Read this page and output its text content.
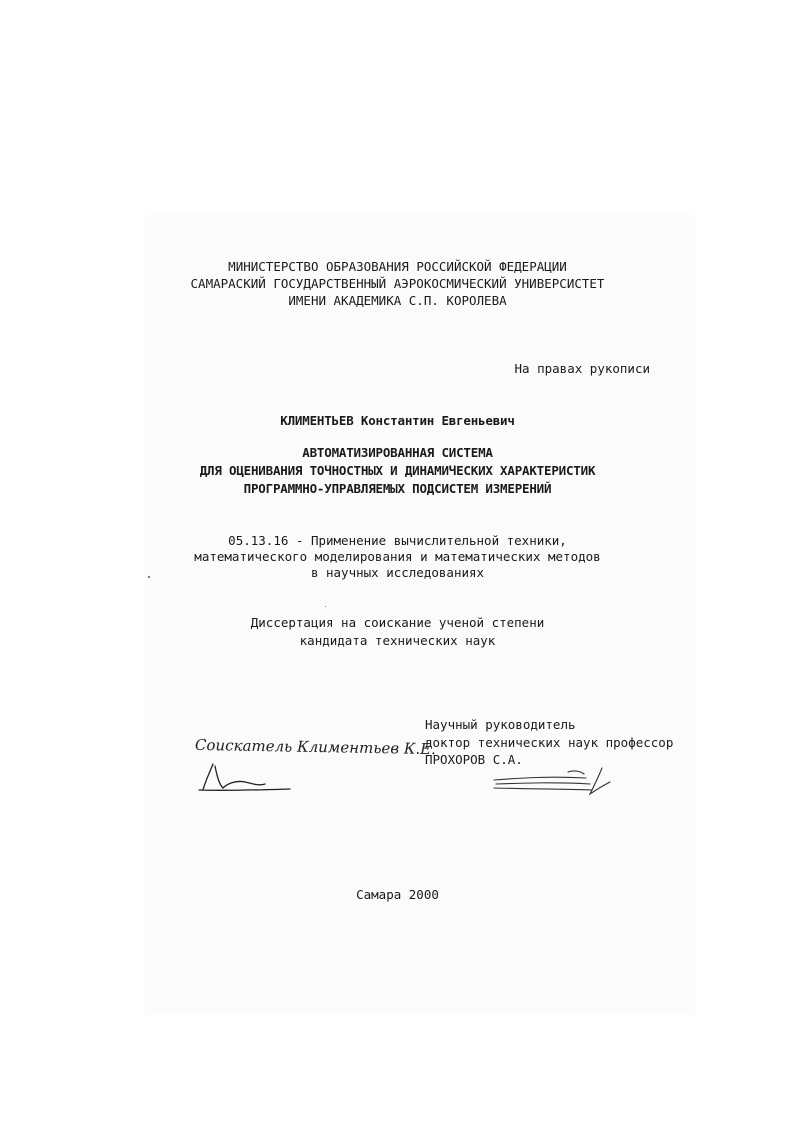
МИНИСТЕРСТВО ОБРАЗОВАНИЯ РОССИЙСКОЙ ФЕДЕРАЦИИ
САМАРАСКИЙ ГОСУДАРСТВЕННЫЙ АЭРОКОСМИЧЕСКИЙ УНИВЕРСИСТЕТ
ИМЕНИ АКАДЕМИКА С.П. КОРОЛЕВА
На правах рукописи
КЛИМЕНТЬЕВ Константин Евгеньевич
АВТОМАТИЗИРОВАННАЯ СИСТЕМА
ДЛЯ ОЦЕНИВАНИЯ ТОЧНОСТНЫХ И ДИНАМИЧЕСКИХ ХАРАКТЕРИСТИК
ПРОГРАММНО-УПРАВЛЯЕМЫХ ПОДСИСТЕМ ИЗМЕРЕНИЙ
05.13.16 - Применение вычислительной техники,
математического моделирования и математических методов
в научных исследованиях
Диссертация на соискание ученой степени
кандидата технических наук
Научный руководитель
доктор технических наук профессор
ПРОХОРОВ С.А.
Соискатель Климентьев К.Е.
Самара 2000
